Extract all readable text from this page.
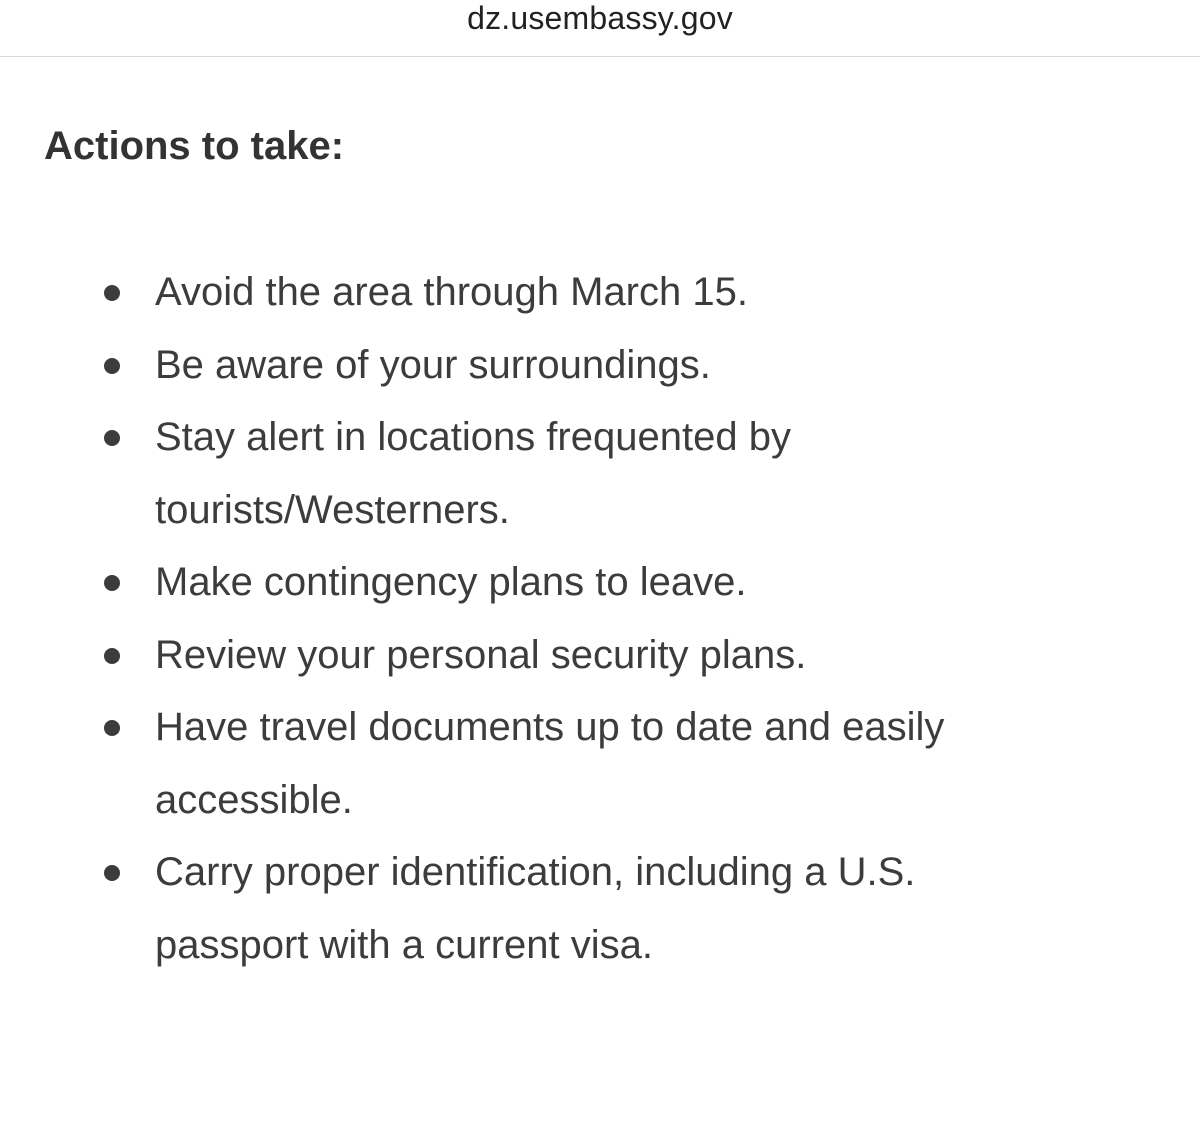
dz.usembassy.gov
Actions to take:
Avoid the area through March 15.
Be aware of your surroundings.
Stay alert in locations frequented by
tourists/Westerners.
Make contingency plans to leave.
Review your personal security plans.
Have travel documents up to date and easily
accessible.
Carry proper identification, including a U.S.
passport with a current visa.
